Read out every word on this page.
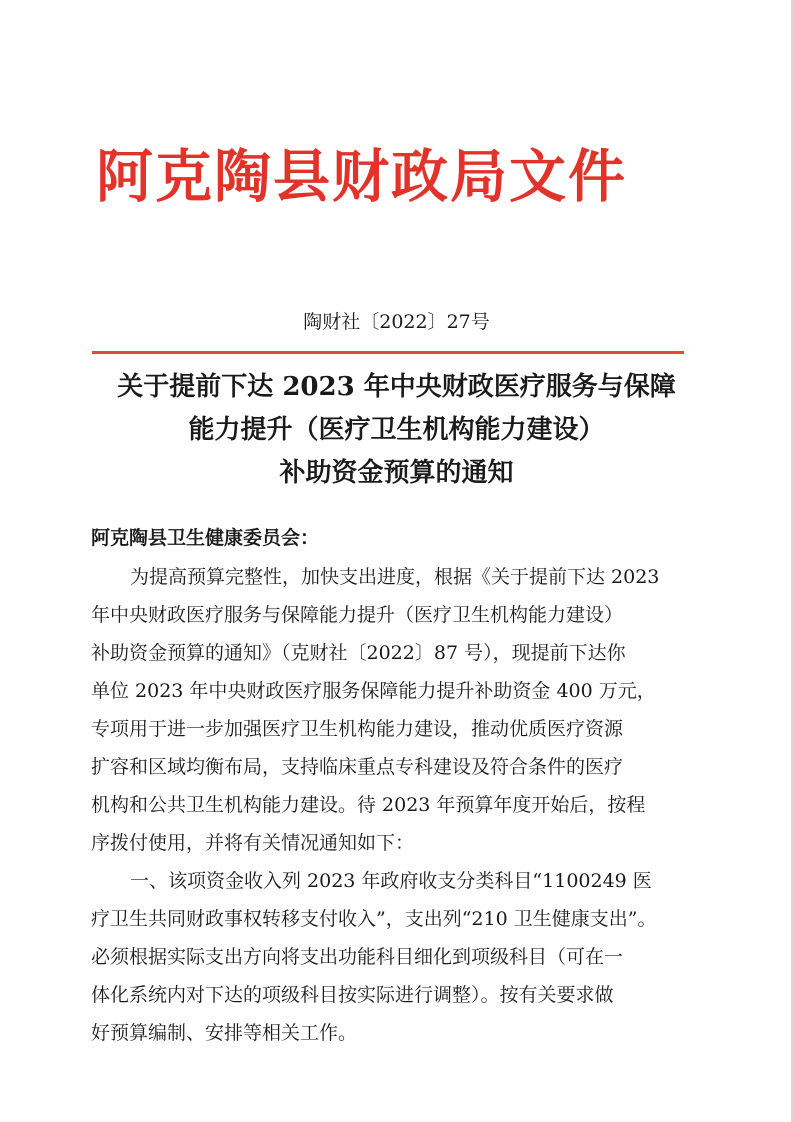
阿克陶县财政局文件
陶财社〔2022〕27号
关于提前下达 2023 年中央财政医疗服务与保障
能力提升（医疗卫生机构能力建设）
补助资金预算的通知
阿克陶县卫生健康委员会：
为提高预算完整性，加快支出进度，根据《关于提前下达 2023
年中央财政医疗服务与保障能力提升（医疗卫生机构能力建设）
补助资金预算的通知》（克财社〔2022〕87 号），现提前下达你
单位 2023 年中央财政医疗服务保障能力提升补助资金 400 万元，
专项用于进一步加强医疗卫生机构能力建设，推动优质医疗资源
扩容和区域均衡布局，支持临床重点专科建设及符合条件的医疗
机构和公共卫生机构能力建设。待 2023 年预算年度开始后，按程
序拨付使用，并将有关情况通知如下：
一、该项资金收入列 2023 年政府收支分类科目“1100249 医
疗卫生共同财政事权转移支付收入”，支出列“210 卫生健康支出”。
必须根据实际支出方向将支出功能科目细化到项级科目（可在一
体化系统内对下达的项级科目按实际进行调整）。按有关要求做
好预算编制、安排等相关工作。
